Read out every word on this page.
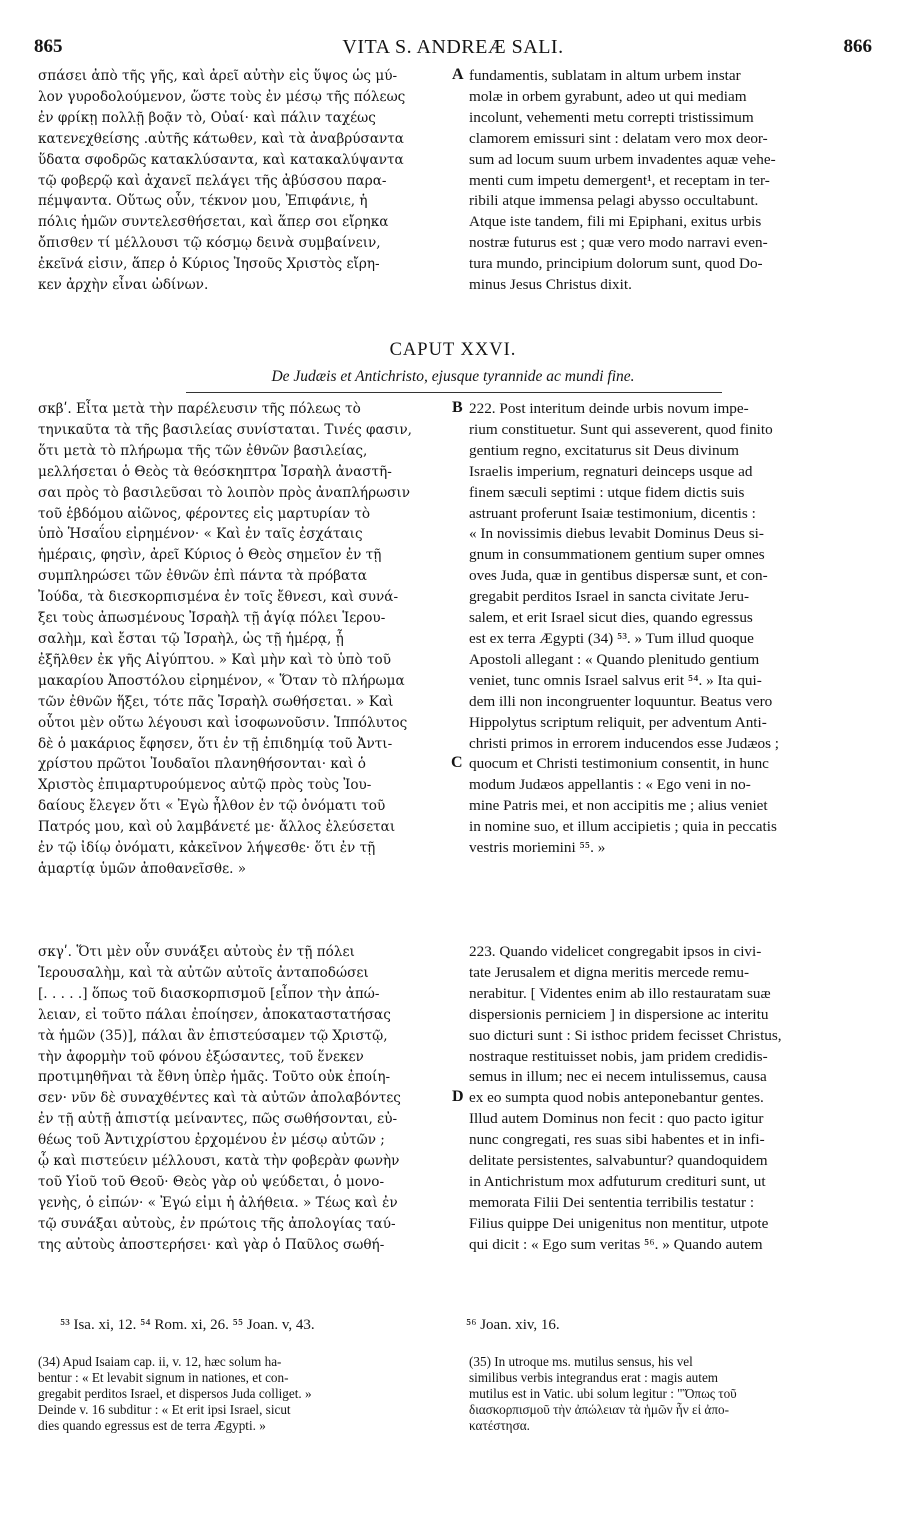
865	VITA S. ANDREÆ SALI.	866

σπάσει ἀπὸ τῆς γῆς, καὶ ἀρεῖ αὐτὴν εἰς ὕψος ὡς μύ-

λον γυροδολούμενον, ὥστε τοὺς ἐν μέσῳ τῆς πόλεως

ἐν φρίκῃ πολλῇ βοᾷν τὸ, Οὐαί· καὶ πάλιν ταχέως

κατενεχθείσης .αὐτῆς κάτωθεν, καὶ τὰ ἀναβρύσαντα

ὕδατα σφοδρῶς κατακλύσαντα, καὶ κατακαλύψαντα

τῷ φοβερῷ καὶ ἀχανεῖ πελάγει τῆς ἀβύσσου παρα-

πέμψαντα. Οὕτως οὖν, τέκνον μου, Ἐπιφάνιε, ἡ

πόλις ἡμῶν συντελεσθήσεται, καὶ ἅπερ σοι εἴρηκα

ὄπισθεν τί μέλλουσι τῷ κόσμῳ δεινὰ συμβαίνειν,

ἐκεῖνά εἰσιν, ἅπερ ὁ Κύριος Ἰησοῦς Χριστὸς εἴρη-

κεν ἀρχὴν εἶναι ὠδίνων.

A fundamentis, sublatam in altum urbem instar

molæ in orbem gyrabunt, adeo ut qui mediam

incolunt, vehementi metu correpti tristissimum

clamorem emissuri sint : delatam vero mox deor-

sum ad locum suum urbem invadentes aquæ vehe-

menti cum impetu demergent¹, et receptam in ter-

ribili atque immensa pelagi abysso occultabunt.

Atque iste tandem, fili mi Epiphani, exitus urbis

nostræ futurus est ; quæ vero modo narravi even-

tura mundo, principium dolorum sunt, quod Do-

minus Jesus Christus dixit.

CAPUT XXVI.
De Judæis et Antichristo, ejusque tyrannide ac mundi fine.

σκβʹ. Εἶτα μετὰ τὴν παρέλευσιν τῆς πόλεως τὸ

τηνικαῦτα τὰ τῆς βασιλείας συνίσταται. Τινές φασιν,

ὅτι μετὰ τὸ πλήρωμα τῆς τῶν ἐθνῶν βασιλείας,

μελλήσεται ὁ Θεὸς τὰ θεόσκηπτρα Ἰσραὴλ ἀναστῆ-

σαι πρὸς τὸ βασιλεῦσαι τὸ λοιπὸν πρὸς ἀναπλήρωσιν

τοῦ ἑβδόμου αἰῶνος, φέροντες εἰς μαρτυρίαν τὸ

ὑπὸ Ἡσαΐου εἰρημένον· « Καὶ ἐν ταῖς ἐσχάταις

ἡμέραις, φησὶν, ἀρεῖ Κύριος ὁ Θεὸς σημεῖον ἐν τῇ

συμπληρώσει τῶν ἐθνῶν ἐπὶ πάντα τὰ πρόβατα

Ἰούδα, τὰ διεσκορπισμένα ἐν τοῖς ἔθνεσι, καὶ συνά-

ξει τοὺς ἀπωσμένους Ἰσραὴλ τῇ ἁγίᾳ πόλει Ἱερου-

σαλὴμ, καὶ ἔσται τῷ Ἰσραὴλ, ὡς τῇ ἡμέρᾳ, ᾗ

ἐξῆλθεν ἐκ γῆς Αἰγύπτου. » Καὶ μὴν καὶ τὸ ὑπὸ τοῦ

μακαρίου Ἀποστόλου εἰρημένον, « Ὅταν τὸ πλήρωμα

τῶν ἐθνῶν ἥξει, τότε πᾶς Ἰσραὴλ σωθήσεται. » Καὶ

οὗτοι μὲν οὕτω λέγουσι καὶ ἰσοφωνοῦσιν. Ἱππόλυτος

δὲ ὁ μακάριος ἔφησεν, ὅτι ἐν τῇ ἐπιδημίᾳ τοῦ Ἀντι-

χρίστου πρῶτοι Ἰουδαῖοι πλανηθήσονται· καὶ ὁ

Χριστὸς ἐπιμαρτυρούμενος αὐτῷ πρὸς τοὺς Ἰου-

δαίους ἔλεγεν ὅτι « Ἐγὼ ἦλθον ἐν τῷ ὀνόματι τοῦ

Πατρός μου, καὶ οὐ λαμβάνετέ με· ἄλλος ἐλεύσεται

ἐν τῷ ἰδίῳ ὀνόματι, κἀκεῖνον λήψεσθε· ὅτι ἐν τῇ

ἁμαρτίᾳ ὑμῶν ἀποθανεῖσθε. »

B 222. Post interitum deinde urbis novum impe-

rium constituetur. Sunt qui asseverent, quod finito

gentium regno, excitaturus sit Deus divinum

Israelis imperium, regnaturi deinceps usque ad

finem sæculi septimi : utque fidem dictis suis

astruant proferunt Isaiæ testimonium, dicentis :

« In novissimis diebus levabit Dominus Deus si-

gnum in consummationem gentium super omnes

oves Juda, quæ in gentibus dispersæ sunt, et con-

gregabit perditos Israel in sancta civitate Jeru-

salem, et erit Israel sicut dies, quando egressus

est ex terra Ægypti (34) ⁵³. » Tum illud quoque

Apostoli allegant : « Quando plenitudo gentium

veniet, tunc omnis Israel salvus erit ⁵⁴. » Ita qui-

dem illi non incongruenter loquuntur. Beatus vero

Hippolytus scriptum reliquit, per adventum Anti-

christi primos in errorem inducendos esse Judæos ;

quocum et Christi testimonium consentit, in hunc

modum Judæos appellantis : « Ego veni in no-

mine Patris mei, et non accipitis me ; alius veniet

in nomine suo, et illum accipietis ; quia in peccatis

vestris moriemini ⁵⁵. »

C

σκγʹ. Ὅτι μὲν οὖν συνάξει αὐτοὺς ἐν τῇ πόλει

Ἱερουσαλὴμ, καὶ τὰ αὐτῶν αὐτοῖς ἀνταποδώσει

[. . . . .] ὅπως τοῦ διασκορπισμοῦ [εἶπον τὴν ἀπώ-

λειαν, εἰ τοῦτο πάλαι ἐποίησεν, ἀποκαταστατήσας

τὰ ἡμῶν (35)], πάλαι ἂν ἐπιστεύσαμεν τῷ Χριστῷ,

τὴν ἀφορμὴν τοῦ φόνου ἐξώσαντες, τοῦ ἕνεκεν

προτιμηθῆναι τὰ ἔθνη ὑπὲρ ἡμᾶς. Τοῦτο οὐκ ἐποίη-

σεν· νῦν δὲ συναχθέντες καὶ τὰ αὐτῶν ἀπολαβόντες

ἐν τῇ αὐτῇ ἀπιστίᾳ μείναντες, πῶς σωθήσονται, εὐ-

θέως τοῦ Ἀντιχρίστου ἐρχομένου ἐν μέσῳ αὐτῶν ;

ᾧ καὶ πιστεύειν μέλλουσι, κατὰ τὴν φοβερὰν φωνὴν

τοῦ Υἱοῦ τοῦ Θεοῦ· Θεὸς γὰρ οὐ ψεύδεται, ὁ μονο-

γενὴς, ὁ εἰπών· « Ἐγώ εἰμι ἡ ἀλήθεια. » Τέως καὶ ἐν

τῷ συνάξαι αὐτοὺς, ἐν πρώτοις τῆς ἀπολογίας ταύ-

της αὐτοὺς ἀποστερήσει· καὶ γὰρ ὁ Παῦλος σωθή-

D

223. Quando videlicet congregabit ipsos in civi-

tate Jerusalem et digna meritis mercede remu-

nerabitur. [ Videntes enim ab illo restauratam suæ

dispersionis perniciem ] in dispersione ac interitu

suo dicturi sunt : Si isthoc pridem fecisset Christus,

nostraque restituisset nobis, jam pridem credidis-

semus in illum; nec ei necem intulissemus, causa

ex eo sumpta quod nobis anteponebantur gentes.

Illud autem Dominus non fecit : quo pacto igitur

nunc congregati, res suas sibi habentes et in infi-

delitate persistentes, salvabuntur? quandoquidem

in Antichristum mox adfuturum credituri sunt, ut

memorata Filii Dei sententia terribilis testatur :

Filius quippe Dei unigenitus non mentitur, utpote

qui dicit : « Ego sum veritas ⁵⁶. » Quando autem

⁵³ Isa. xi, 12. ⁵⁴ Rom. xi, 26. ⁵⁵ Joan. v, 43.	⁵⁶ Joan. xiv, 16.

(34) Apud Isaiam cap. ii, v. 12, hæc solum ha-

bentur : « Et levabit signum in nationes, et con-

gregabit perditos Israel, et dispersos Juda colliget. »

Deinde v. 16 subditur : « Et erit ipsi Israel, sicut

dies quando egressus est de terra Ægypti. »

(35) In utroque ms. mutilus sensus, his vel

similibus verbis integrandus erat : magis autem

mutilus est in Vatic. ubi solum legitur : "Ὅπως τοῦ

διασκορπισμοῦ τὴν ἀπώλειαν τὰ ἡμῶν ἦν εἰ ἀπο-

κατέστησα.
